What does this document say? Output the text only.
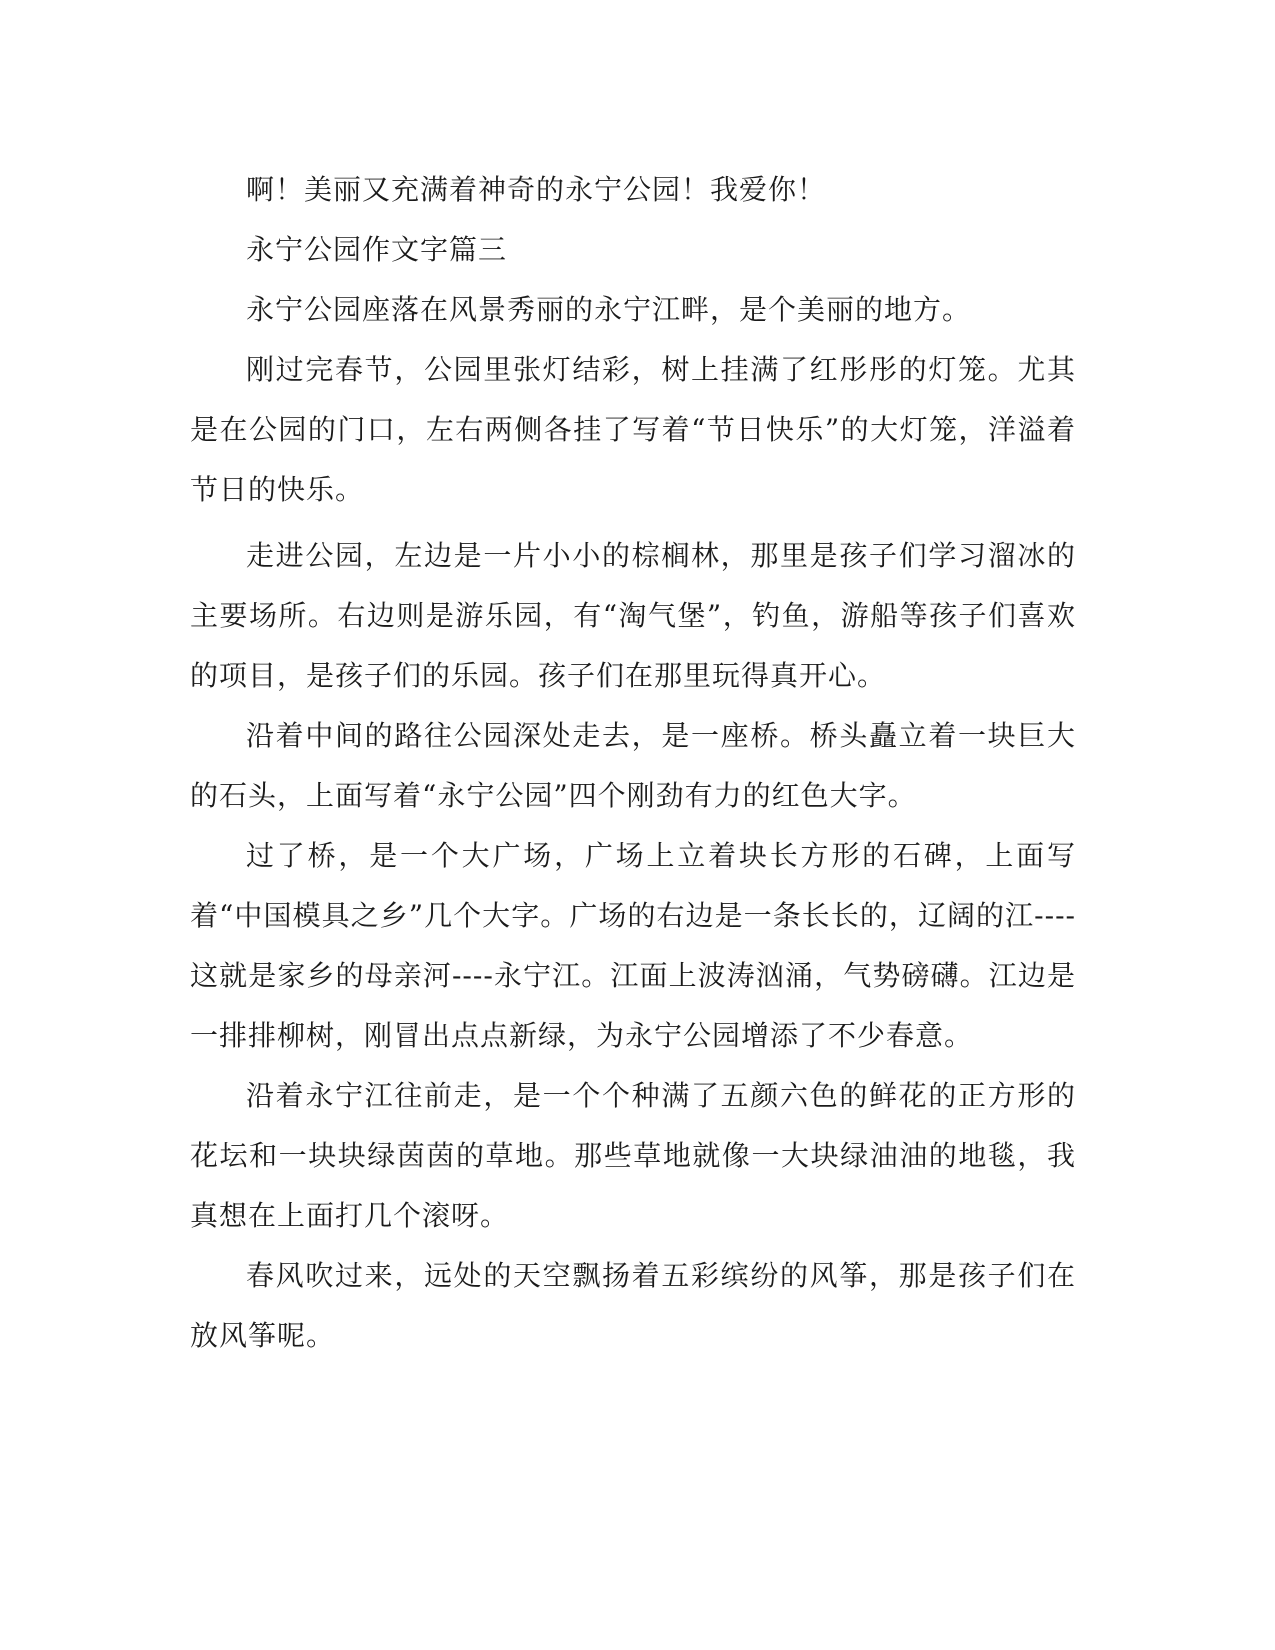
啊！美丽又充满着神奇的永宁公园！我爱你！

永宁公园作文字篇三

永宁公园座落在风景秀丽的永宁江畔，是个美丽的地方。

刚过完春节，公园里张灯结彩，树上挂满了红彤彤的灯笼。尤其是在公园的门口，左右两侧各挂了写着“节日快乐”的大灯笼，洋溢着节日的快乐。

走进公园，左边是一片小小的棕榈林，那里是孩子们学习溜冰的主要场所。右边则是游乐园，有“淘气堡”，钓鱼，游船等孩子们喜欢的项目，是孩子们的乐园。孩子们在那里玩得真开心。

沿着中间的路往公园深处走去，是一座桥。桥头矗立着一块巨大的石头，上面写着“永宁公园”四个刚劲有力的红色大字。

过了桥，是一个大广场，广场上立着块长方形的石碑，上面写着“中国模具之乡”几个大字。广场的右边是一条长长的，辽阔的江----这就是家乡的母亲河----永宁江。江面上波涛汹涌，气势磅礴。江边是一排排柳树，刚冒出点点新绿，为永宁公园增添了不少春意。

沿着永宁江往前走，是一个个种满了五颜六色的鲜花的正方形的花坛和一块块绿茵茵的草地。那些草地就像一大块绿油油的地毯，我真想在上面打几个滚呀。

春风吹过来，远处的天空飘扬着五彩缤纷的风筝，那是孩子们在放风筝呢。
